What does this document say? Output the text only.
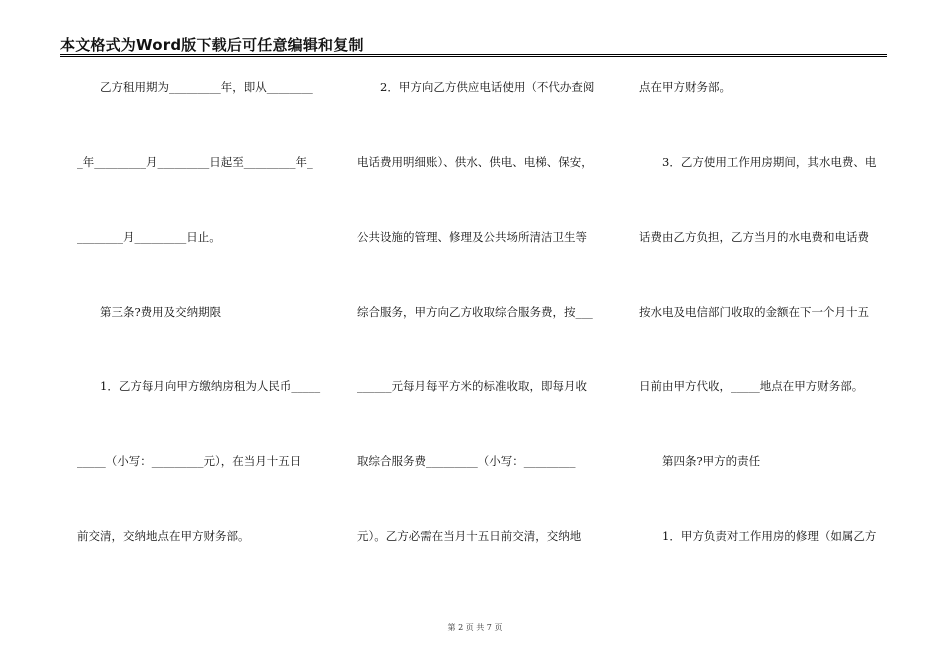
本文格式为Word版下载后可任意编辑和复制
　　乙方租用期为_________年，即从________
_年_________月_________日起至_________年_
________月_________日止。
　　第三条?费用及交纳期限
　　1．乙方每月向甲方缴纳房租为人民币_____
_____（小写：_________元），在当月十五日
前交清，交纳地点在甲方财务部。
　　2．甲方向乙方供应电话使用（不代办查阅
电话费用明细账）、供水、供电、电梯、保安，
公共设施的管理、修理及公共场所清洁卫生等
综合服务，甲方向乙方收取综合服务费，按___
______元每月每平方米的标准收取，即每月收
取综合服务费_________（小写：_________
元）。乙方必需在当月十五日前交清，交纳地
点在甲方财务部。
　　3．乙方使用工作用房期间，其水电费、电
话费由乙方负担，乙方当月的水电费和电话费
按水电及电信部门收取的金额在下一个月十五
日前由甲方代收，_____地点在甲方财务部。
　　第四条?甲方的责任
　　1．甲方负责对工作用房的修理（如属乙方
第 2 页 共 7 页
